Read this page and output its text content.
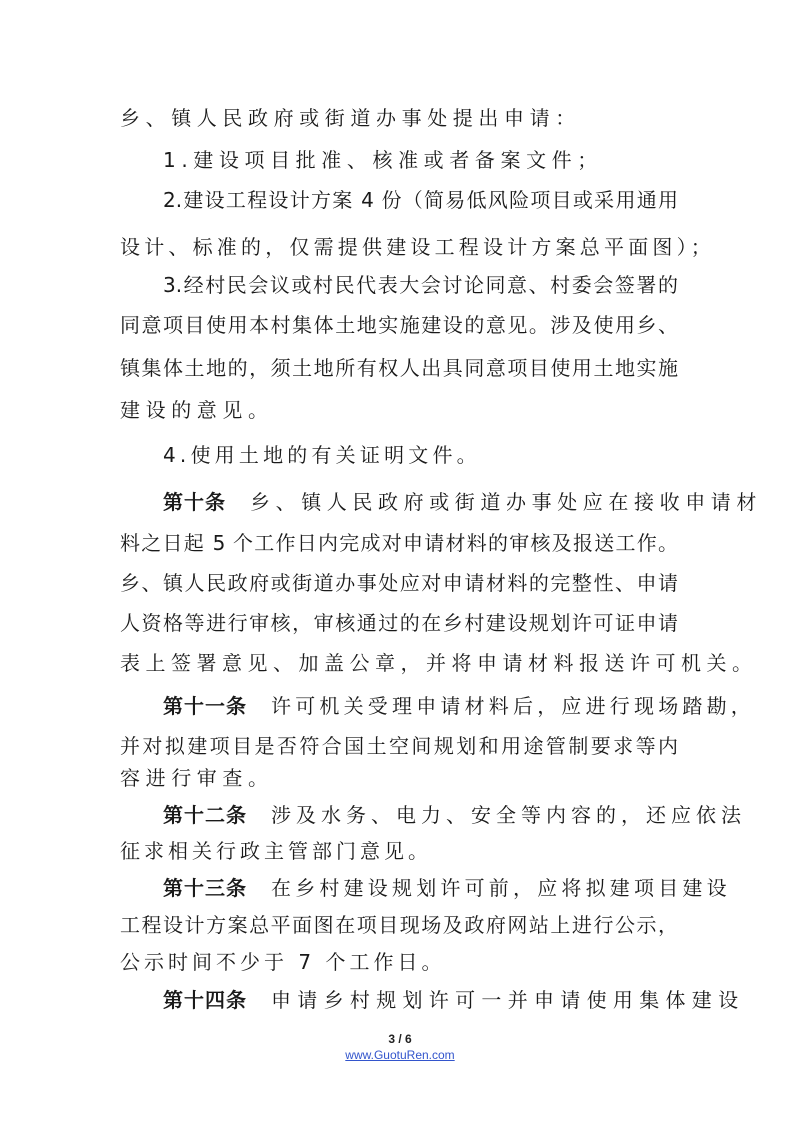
乡、镇人民政府或街道办事处提出申请：
1.建设项目批准、核准或者备案文件；
2.建设工程设计方案 4 份（简易低风险项目或采用通用
设计、标准的，仅需提供建设工程设计方案总平面图）；
3.经村民会议或村民代表大会讨论同意、村委会签署的
同意项目使用本村集体土地实施建设的意见。涉及使用乡、
镇集体土地的，须土地所有权人出具同意项目使用土地实施
建设的意见。
4.使用土地的有关证明文件。
第十条 乡、镇人民政府或街道办事处应在接收申请材
料之日起 5 个工作日内完成对申请材料的审核及报送工作。
乡、镇人民政府或街道办事处应对申请材料的完整性、申请
人资格等进行审核，审核通过的在乡村建设规划许可证申请
表上签署意见、加盖公章，并将申请材料报送许可机关。
第十一条 许可机关受理申请材料后，应进行现场踏勘，
并对拟建项目是否符合国土空间规划和用途管制要求等内
容进行审查。
第十二条 涉及水务、电力、安全等内容的，还应依法
征求相关行政主管部门意见。
第十三条 在乡村建设规划许可前，应将拟建项目建设
工程设计方案总平面图在项目现场及政府网站上进行公示，
公示时间不少于 7 个工作日。
第十四条 申请乡村规划许可一并申请使用集体建设
3 / 6
www.GuotuRen.com
